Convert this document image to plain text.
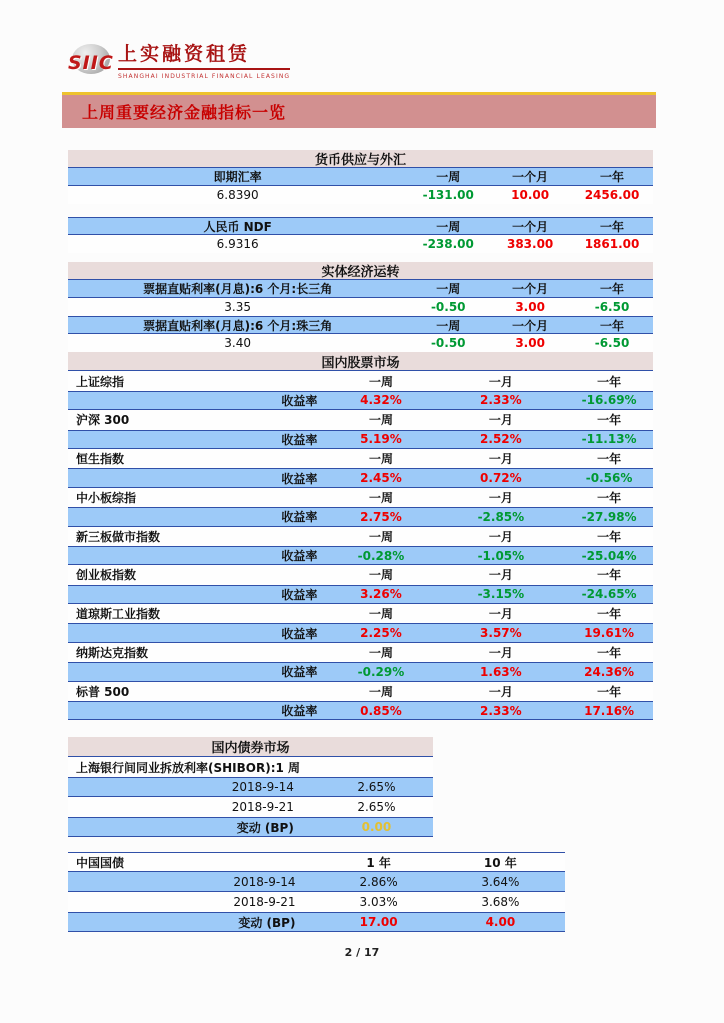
SIIC 上实融资租赁
SHANGHAI INDUSTRIAL FINANCIAL LEASING
上周重要经济金融指标一览
货币供应与外汇
即期汇率	一周	一个月	一年
6.8390	-131.00	10.00	2456.00
人民币 NDF	一周	一个月	一年
6.9316	-238.00	383.00	1861.00
实体经济运转
票据直贴利率(月息):6 个月:长三角	一周	一个月	一年
3.35	-0.50	3.00	-6.50
票据直贴利率(月息):6 个月:珠三角	一周	一个月	一年
3.40	-0.50	3.00	-6.50
国内股票市场
上证综指	一周	一月	一年
收益率	4.32%	2.33%	-16.69%
沪深 300	一周	一月	一年
收益率	5.19%	2.52%	-11.13%
恒生指数	一周	一月	一年
收益率	2.45%	0.72%	-0.56%
中小板综指	一周	一月	一年
收益率	2.75%	-2.85%	-27.98%
新三板做市指数	一周	一月	一年
收益率	-0.28%	-1.05%	-25.04%
创业板指数	一周	一月	一年
收益率	3.26%	-3.15%	-24.65%
道琼斯工业指数	一周	一月	一年
收益率	2.25%	3.57%	19.61%
纳斯达克指数	一周	一月	一年
收益率	-0.29%	1.63%	24.36%
标普 500	一周	一月	一年
收益率	0.85%	2.33%	17.16%
国内债券市场
上海银行间同业拆放利率(SHIBOR):1 周
2018-9-14	2.65%
2018-9-21	2.65%
变动 (BP)	0.00
中国国债	1 年	10 年
2018-9-14	2.86%	3.64%
2018-9-21	3.03%	3.68%
变动 (BP)	17.00	4.00
2 / 17
